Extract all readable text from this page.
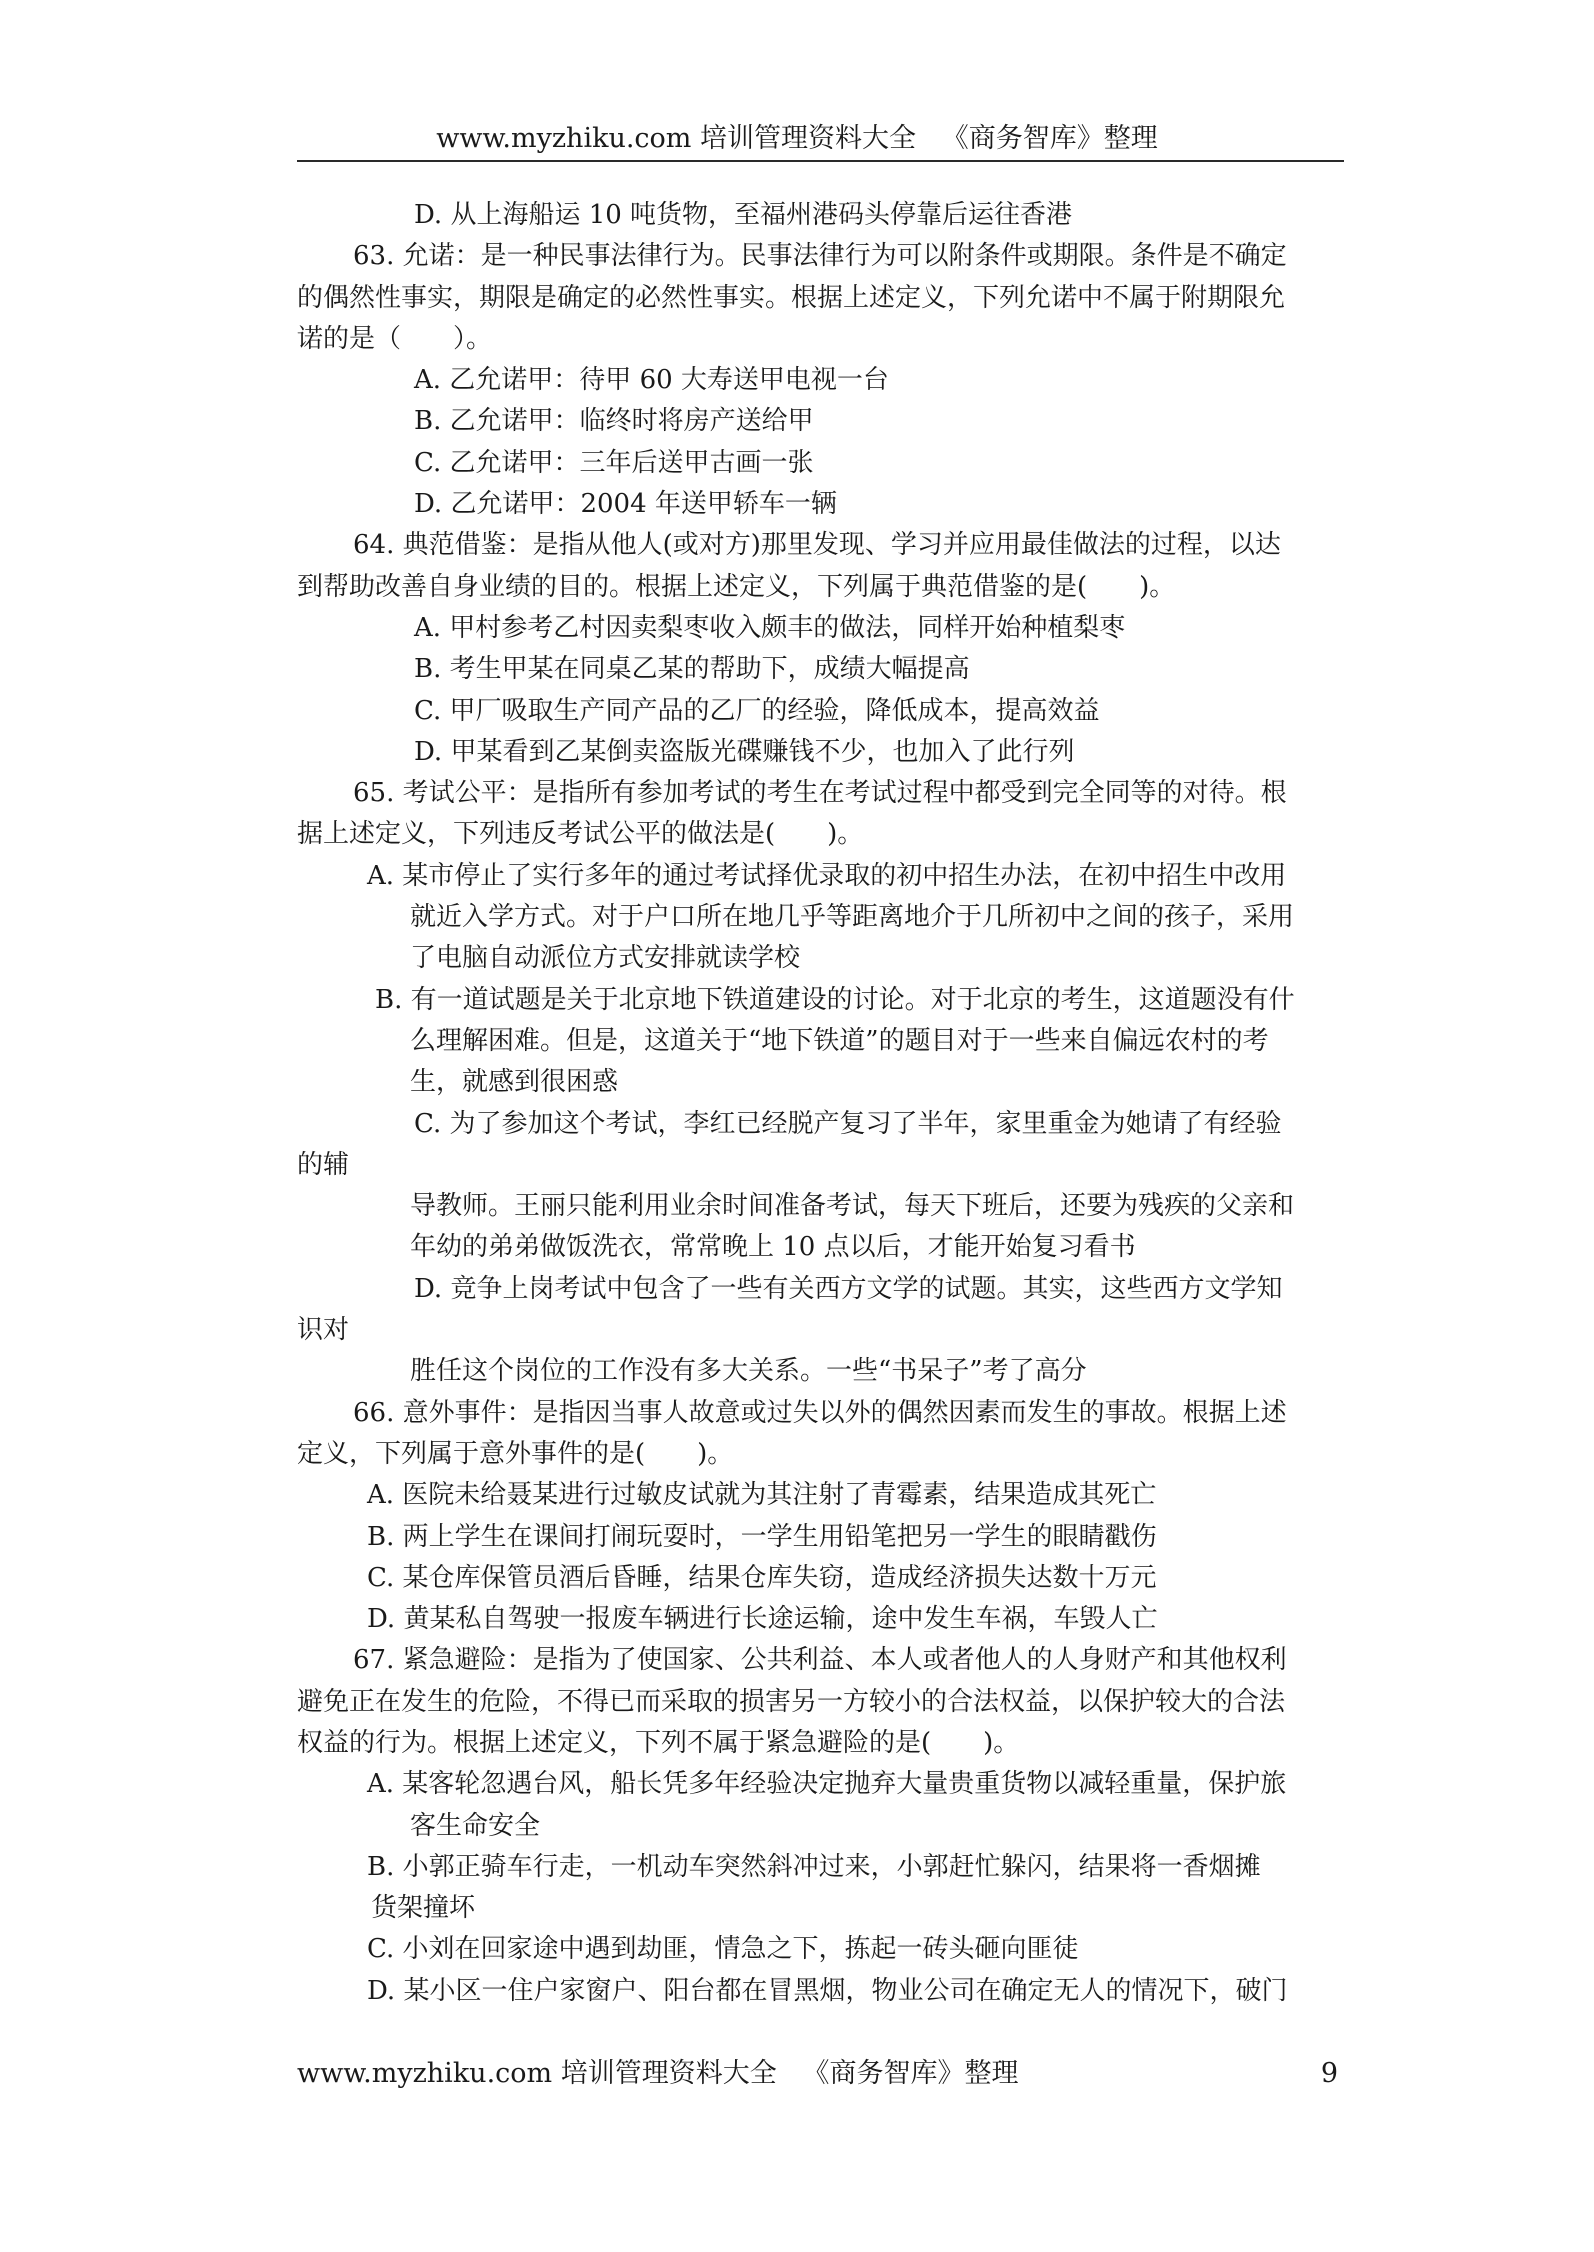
www.myzhiku.com 培训管理资料大全   《商务智库》整理
D. 从上海船运 10 吨货物，至福州港码头停靠后运往香港
63. 允诺：是一种民事法律行为。民事法律行为可以附条件或期限。条件是不确定
的偶然性事实，期限是确定的必然性事实。根据上述定义，下列允诺中不属于附期限允
诺的是（　　）。
A. 乙允诺甲：待甲 60 大寿送甲电视一台
B. 乙允诺甲：临终时将房产送给甲
C. 乙允诺甲：三年后送甲古画一张
D. 乙允诺甲：2004 年送甲轿车一辆
64. 典范借鉴：是指从他人(或对方)那里发现、学习并应用最佳做法的过程，以达
到帮助改善自身业绩的目的。根据上述定义，下列属于典范借鉴的是(　　)。
A. 甲村参考乙村因卖梨枣收入颇丰的做法，同样开始种植梨枣
B. 考生甲某在同桌乙某的帮助下，成绩大幅提高
C. 甲厂吸取生产同产品的乙厂的经验，降低成本，提高效益
D. 甲某看到乙某倒卖盗版光碟赚钱不少，也加入了此行列
65. 考试公平：是指所有参加考试的考生在考试过程中都受到完全同等的对待。根
据上述定义，下列违反考试公平的做法是(　　)。
A. 某市停止了实行多年的通过考试择优录取的初中招生办法，在初中招生中改用
就近入学方式。对于户口所在地几乎等距离地介于几所初中之间的孩子，采用
了电脑自动派位方式安排就读学校
B. 有一道试题是关于北京地下铁道建设的讨论。对于北京的考生，这道题没有什
么理解困难。但是，这道关于“地下铁道”的题目对于一些来自偏远农村的考
生，就感到很困惑
C. 为了参加这个考试，李红已经脱产复习了半年，家里重金为她请了有经验
的辅
导教师。王丽只能利用业余时间准备考试，每天下班后，还要为残疾的父亲和
年幼的弟弟做饭洗衣，常常晚上 10 点以后，才能开始复习看书
D. 竞争上岗考试中包含了一些有关西方文学的试题。其实，这些西方文学知
识对
胜任这个岗位的工作没有多大关系。一些“书呆子”考了高分
66. 意外事件：是指因当事人故意或过失以外的偶然因素而发生的事故。根据上述
定义，下列属于意外事件的是(　　)。
A. 医院未给聂某进行过敏皮试就为其注射了青霉素，结果造成其死亡
B. 两上学生在课间打闹玩耍时，一学生用铅笔把另一学生的眼睛戳伤
C. 某仓库保管员酒后昏睡，结果仓库失窃，造成经济损失达数十万元
D. 黄某私自驾驶一报废车辆进行长途运输，途中发生车祸，车毁人亡
67. 紧急避险：是指为了使国家、公共利益、本人或者他人的人身财产和其他权利
避免正在发生的危险，不得已而采取的损害另一方较小的合法权益，以保护较大的合法
权益的行为。根据上述定义，下列不属于紧急避险的是(　　)。
A. 某客轮忽遇台风，船长凭多年经验决定抛弃大量贵重货物以减轻重量，保护旅
客生命安全
B. 小郭正骑车行走，一机动车突然斜冲过来，小郭赶忙躲闪，结果将一香烟摊
货架撞坏
C. 小刘在回家途中遇到劫匪，情急之下，拣起一砖头砸向匪徒
D. 某小区一住户家窗户、阳台都在冒黑烟，物业公司在确定无人的情况下，破门
www.myzhiku.com 培训管理资料大全   《商务智库》整理	9
